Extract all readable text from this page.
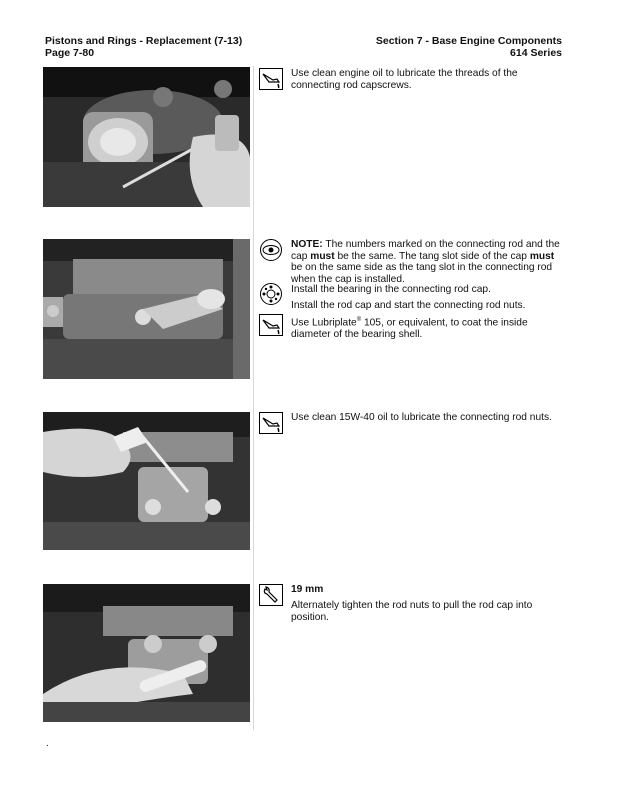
Pistons and Rings - Replacement (7-13)
Page 7-80
Section 7 - Base Engine Components
614 Series
Use clean engine oil to lubricate the threads of the connecting rod capscrews.
NOTE: The numbers marked on the connecting rod and the cap must be the same. The tang slot side of the cap must be on the same side as the tang slot in the connecting rod when the cap is installed.
Install the bearing in the connecting rod cap.
Install the rod cap and start the connecting rod nuts.
Use Lubriplate® 105, or equivalent, to coat the inside diameter of the bearing shell.
Use clean 15W-40 oil to lubricate the connecting rod nuts.
19 mm
Alternately tighten the rod nuts to pull the rod cap into position.
.
